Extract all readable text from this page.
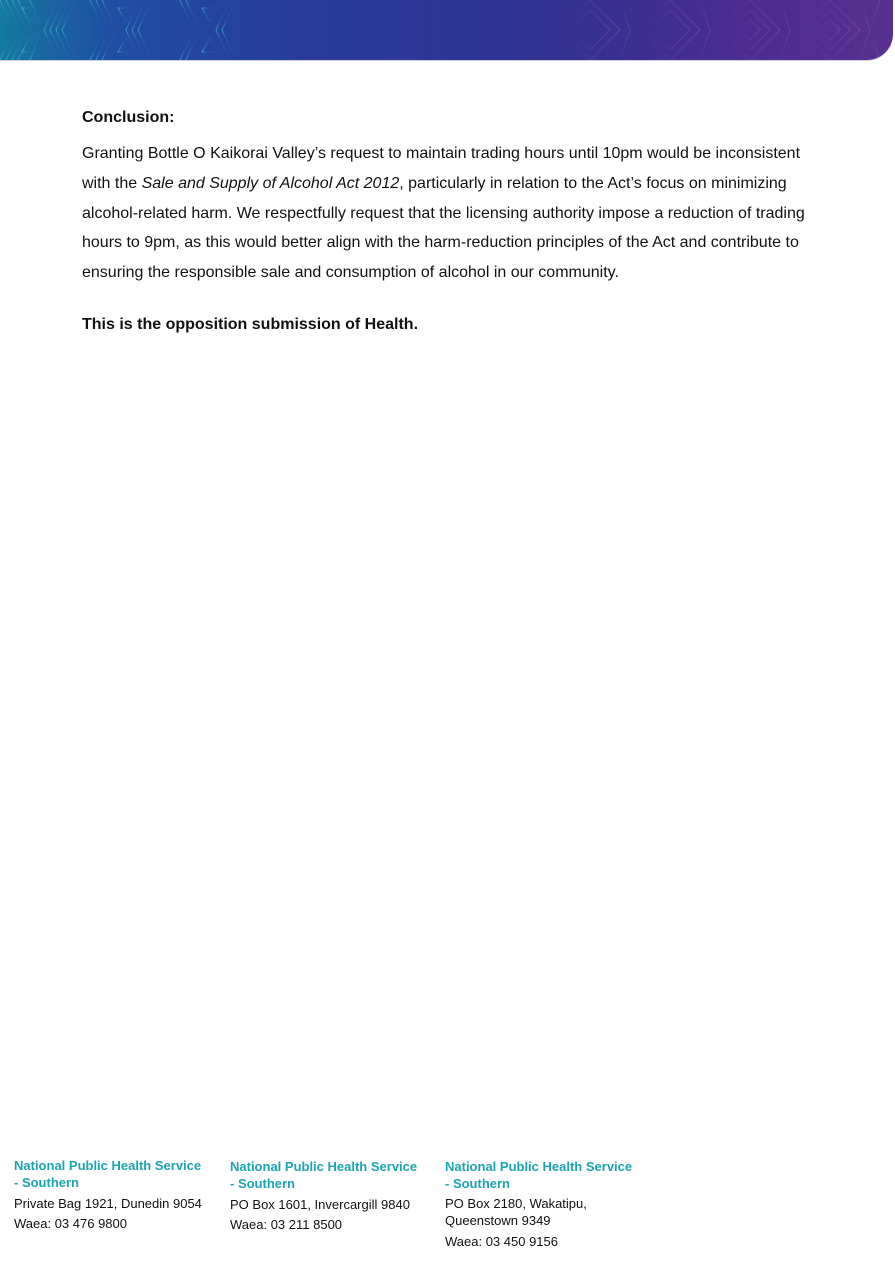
Conclusion:

Granting Bottle O Kaikorai Valley’s request to maintain trading hours until 10pm would be inconsistent with the Sale and Supply of Alcohol Act 2012, particularly in relation to the Act’s focus on minimizing alcohol-related harm. We respectfully request that the licensing authority impose a reduction of trading hours to 9pm, as this would better align with the harm-reduction principles of the Act and contribute to ensuring the responsible sale and consumption of alcohol in our community.

This is the opposition submission of Health.

National Public Health Service
- Southern

Private Bag 1921, Dunedin 9054

Waea: 03 476 9800

National Public Health Service
- Southern

PO Box 1601, Invercargill 9840

Waea: 03 211 8500

National Public Health Service
- Southern

PO Box 2180, Wakatipu,

Queenstown 9349

Waea: 03 450 9156
